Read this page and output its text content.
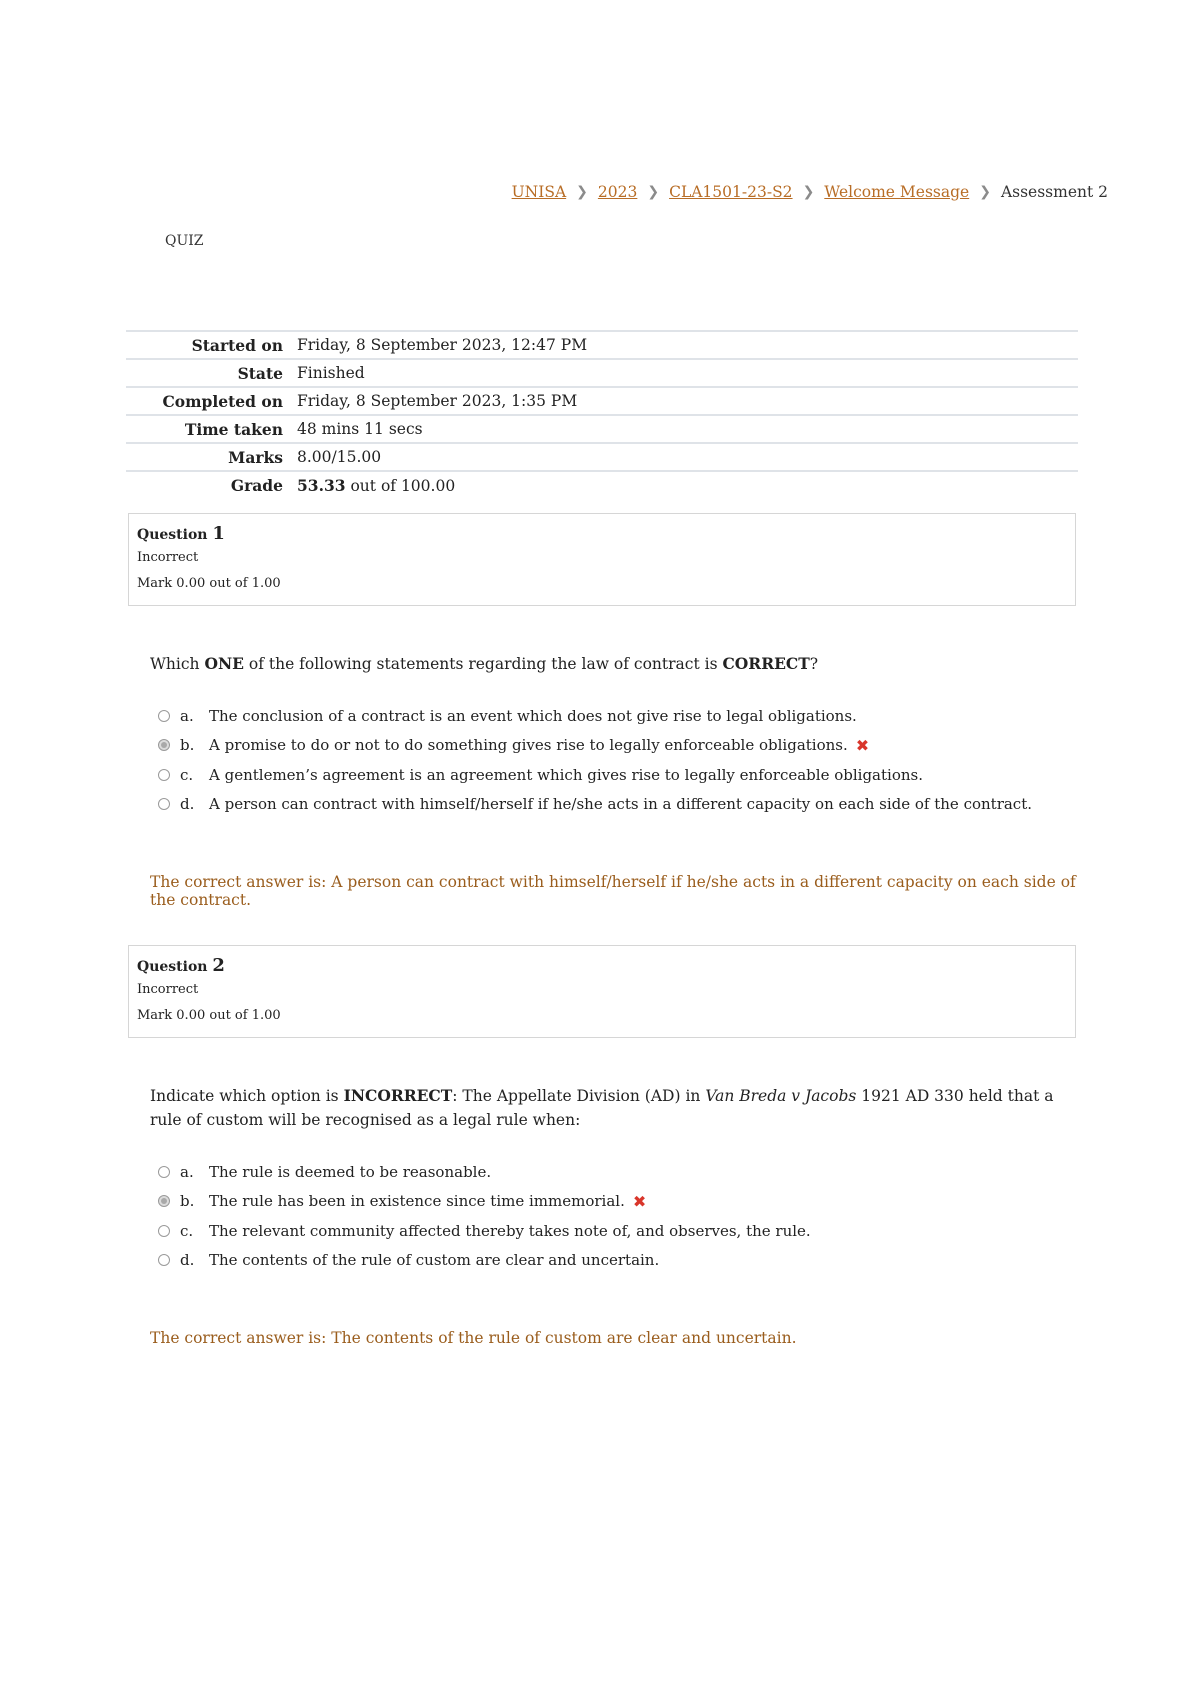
UNISA ❯ 2023 ❯ CLA1501-23-S2 ❯ Welcome Message ❯ Assessment 2
QUIZ
Started on	Friday, 8 September 2023, 12:47 PM
State	Finished
Completed on	Friday, 8 September 2023, 1:35 PM
Time taken	48 mins 11 secs
Marks	8.00/15.00
Grade	53.33 out of 100.00
Question 1
Incorrect
Mark 0.00 out of 1.00
Which ONE of the following statements regarding the law of contract is CORRECT?
a.	The conclusion of a contract is an event which does not give rise to legal obligations.
b. A promise to do or not to do something gives rise to legally enforceable obligations. ✖
c.	A gentlemen’s agreement is an agreement which gives rise to legally enforceable obligations.
d. A person can contract with himself/herself if he/she acts in a different capacity on each side of the contract.
The correct answer is: A person can contract with himself/herself if he/she acts in a different capacity on each side of the contract.
Question 2
Incorrect
Mark 0.00 out of 1.00
Indicate which option is INCORRECT: The Appellate Division (AD) in Van Breda v Jacobs 1921 AD 330 held that a rule of custom will be recognised as a legal rule when:
a.	The rule is deemed to be reasonable.
b. The rule has been in existence since time immemorial. ✖
c.	The relevant community affected thereby takes note of, and observes, the rule.
d. The contents of the rule of custom are clear and uncertain.
The correct answer is: The contents of the rule of custom are clear and uncertain.
